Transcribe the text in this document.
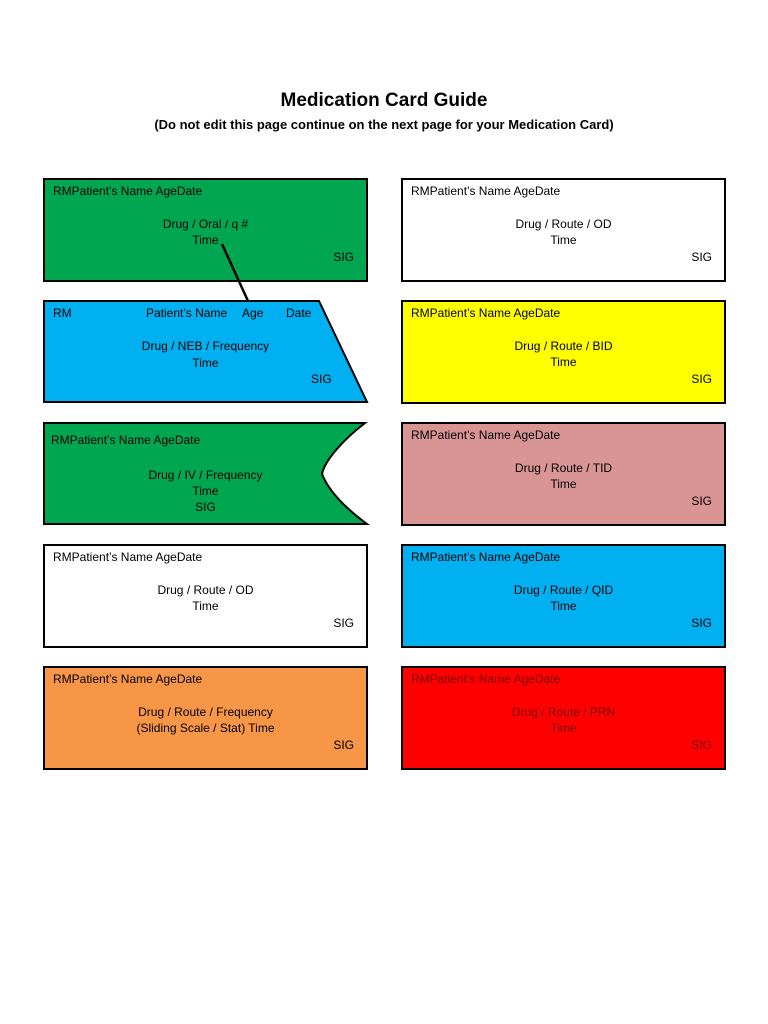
Medication Card Guide
(Do not edit this page continue on the next page for your Medication Card)
RMPatient’s Name AgeDate
Drug / Oral / q #
Time
SIG
RM	Patient’s Name Age Date
Drug / NEB / Frequency
Time
SIG
RMPatient’s Name AgeDate
Drug / IV / Frequency
Time
SIG
RMPatient’s Name AgeDate
Drug / Route / OD
Time
SIG
RMPatient’s Name AgeDate
Drug / Route / Frequency
(Sliding Scale / Stat) Time
SIG
RMPatient’s Name AgeDate
Drug / Route / OD
Time
SIG
RMPatient’s Name AgeDate
Drug / Route / BID
Time
SIG
RMPatient’s Name AgeDate
Drug / Route / TID
Time
SIG
RMPatient’s Name AgeDate
Drug / Route / QID
Time
SIG
RMPatient’s Name AgeDate
Drug / Route / PRN
Time
SIG
